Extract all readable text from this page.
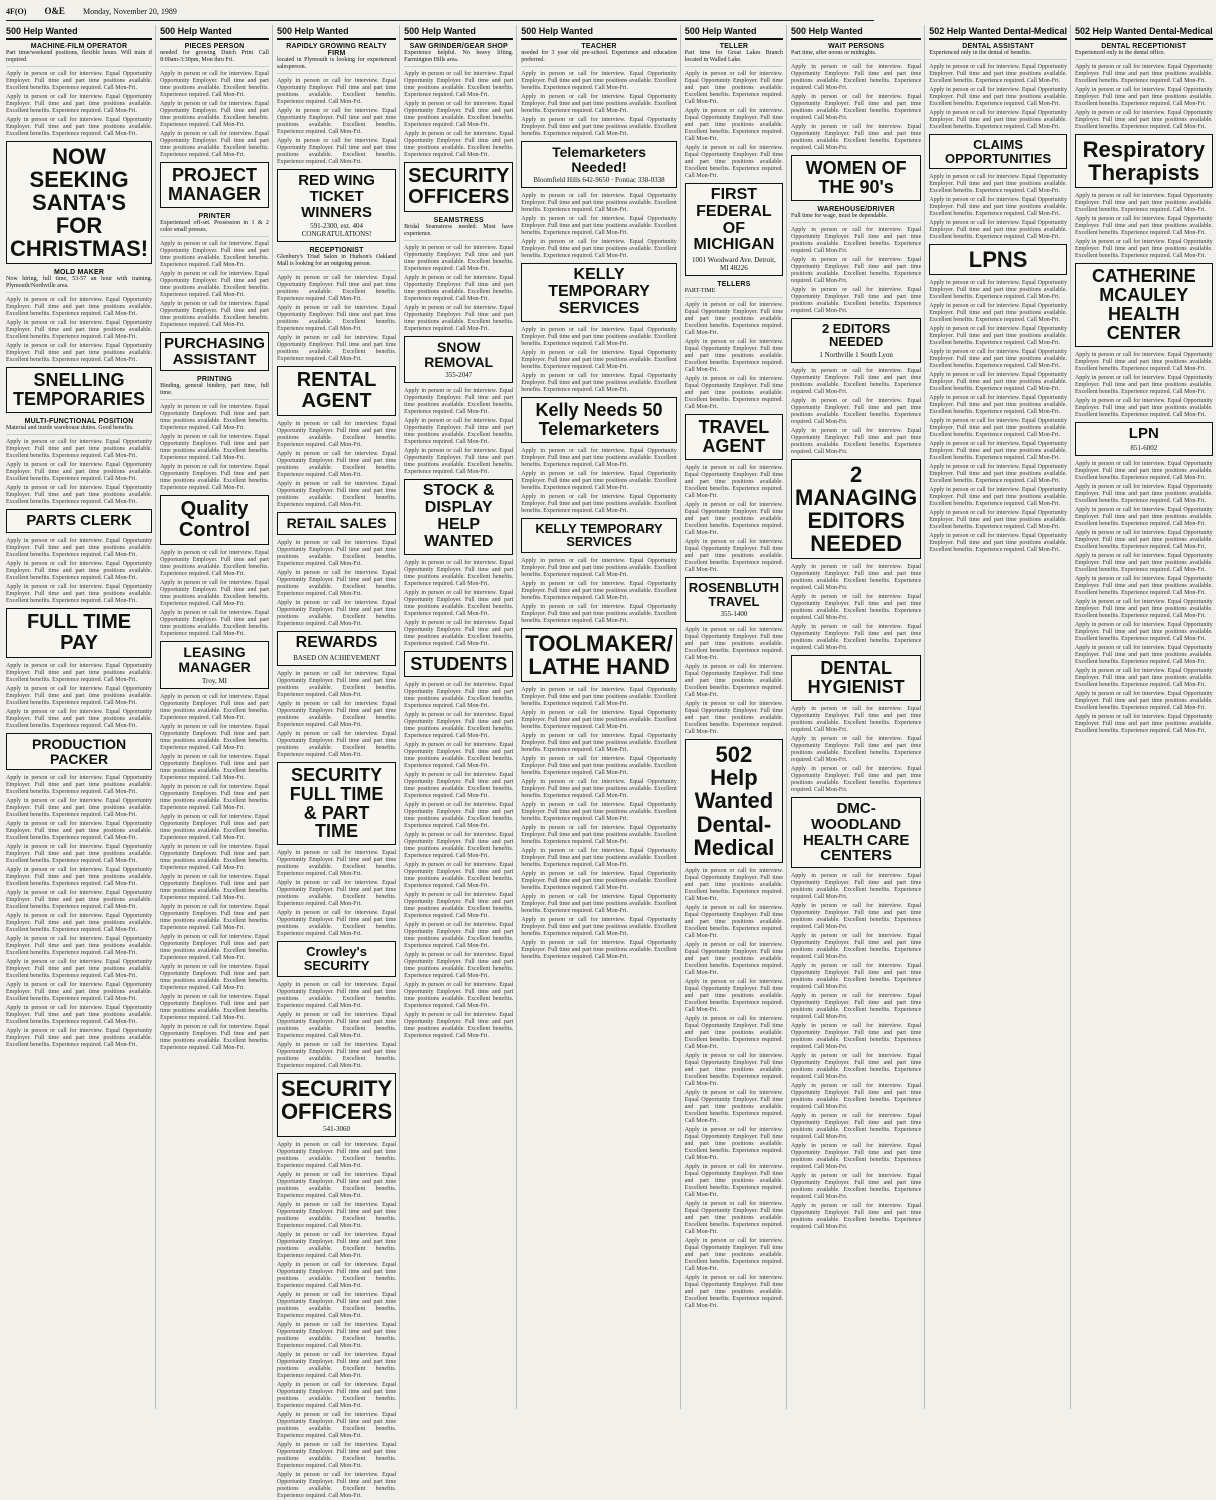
4F(O) O&E Monday, November 20, 1989
500 Help Wanted
MACHINE-FILM OPERATOR
Part time/weekend positions, flexible hours. Will train if required.
Apply in person or call for interview. Equal Opportunity Employer. Full time and part time positions available. Excellent benefits. Experience required. Call Mon-Fri.
Apply in person or call for interview. Equal Opportunity Employer. Full time and part time positions available. Excellent benefits. Experience required. Call Mon-Fri.
Apply in person or call for interview. Equal Opportunity Employer. Full time and part time positions available. Excellent benefits. Experience required. Call Mon-Fri.
NOW SEEKING SANTA'S FOR CHRISTMAS!
MOLD MAKER
Now hiring, full time, 53-57 an hour with training. Plymouth/Northville area.
Apply in person or call for interview. Equal Opportunity Employer. Full time and part time positions available. Excellent benefits. Experience required. Call Mon-Fri.
Apply in person or call for interview. Equal Opportunity Employer. Full time and part time positions available. Excellent benefits. Experience required. Call Mon-Fri.
Apply in person or call for interview. Equal Opportunity Employer. Full time and part time positions available. Excellent benefits. Experience required. Call Mon-Fri.
SNELLING TEMPORARIES
MULTI-FUNCTIONAL POSITION
Material and inside warehouse duties. Good benefits.
Apply in person or call for interview. Equal Opportunity Employer. Full time and part time positions available. Excellent benefits. Experience required. Call Mon-Fri.
Apply in person or call for interview. Equal Opportunity Employer. Full time and part time positions available. Excellent benefits. Experience required. Call Mon-Fri.
Apply in person or call for interview. Equal Opportunity Employer. Full time and part time positions available. Excellent benefits. Experience required. Call Mon-Fri.
PARTS CLERK
Apply in person or call for interview. Equal Opportunity Employer. Full time and part time positions available. Excellent benefits. Experience required. Call Mon-Fri.
Apply in person or call for interview. Equal Opportunity Employer. Full time and part time positions available. Excellent benefits. Experience required. Call Mon-Fri.
Apply in person or call for interview. Equal Opportunity Employer. Full time and part time positions available. Excellent benefits. Experience required. Call Mon-Fri.
FULL TIME PAY
Apply in person or call for interview. Equal Opportunity Employer. Full time and part time positions available. Excellent benefits. Experience required. Call Mon-Fri.
Apply in person or call for interview. Equal Opportunity Employer. Full time and part time positions available. Excellent benefits. Experience required. Call Mon-Fri.
Apply in person or call for interview. Equal Opportunity Employer. Full time and part time positions available. Excellent benefits. Experience required. Call Mon-Fri.
PRODUCTION PACKER
Apply in person or call for interview. Equal Opportunity Employer. Full time and part time positions available. Excellent benefits. Experience required. Call Mon-Fri.
Apply in person or call for interview. Equal Opportunity Employer. Full time and part time positions available. Excellent benefits. Experience required. Call Mon-Fri.
Apply in person or call for interview. Equal Opportunity Employer. Full time and part time positions available. Excellent benefits. Experience required. Call Mon-Fri.
Apply in person or call for interview. Equal Opportunity Employer. Full time and part time positions available. Excellent benefits. Experience required. Call Mon-Fri.
Apply in person or call for interview. Equal Opportunity Employer. Full time and part time positions available. Excellent benefits. Experience required. Call Mon-Fri.
Apply in person or call for interview. Equal Opportunity Employer. Full time and part time positions available. Excellent benefits. Experience required. Call Mon-Fri.
Apply in person or call for interview. Equal Opportunity Employer. Full time and part time positions available. Excellent benefits. Experience required. Call Mon-Fri.
Apply in person or call for interview. Equal Opportunity Employer. Full time and part time positions available. Excellent benefits. Experience required. Call Mon-Fri.
Apply in person or call for interview. Equal Opportunity Employer. Full time and part time positions available. Excellent benefits. Experience required. Call Mon-Fri.
Apply in person or call for interview. Equal Opportunity Employer. Full time and part time positions available. Excellent benefits. Experience required. Call Mon-Fri.
Apply in person or call for interview. Equal Opportunity Employer. Full time and part time positions available. Excellent benefits. Experience required. Call Mon-Fri.
Apply in person or call for interview. Equal Opportunity Employer. Full time and part time positions available. Excellent benefits. Experience required. Call Mon-Fri.
500 Help Wanted
PIECES PERSON
needed for growing Dutch Print Call 8:00am-3:30pm, Mon thru Fri.
Apply in person or call for interview. Equal Opportunity Employer. Full time and part time positions available. Excellent benefits. Experience required. Call Mon-Fri.
Apply in person or call for interview. Equal Opportunity Employer. Full time and part time positions available. Excellent benefits. Experience required. Call Mon-Fri.
Apply in person or call for interview. Equal Opportunity Employer. Full time and part time positions available. Excellent benefits. Experience required. Call Mon-Fri.
PROJECT MANAGER
PRINTER
Experienced off-set. Possession in 1 & 2 color small presses.
Apply in person or call for interview. Equal Opportunity Employer. Full time and part time positions available. Excellent benefits. Experience required. Call Mon-Fri.
Apply in person or call for interview. Equal Opportunity Employer. Full time and part time positions available. Excellent benefits. Experience required. Call Mon-Fri.
Apply in person or call for interview. Equal Opportunity Employer. Full time and part time positions available. Excellent benefits. Experience required. Call Mon-Fri.
PURCHASING ASSISTANT
PRINTING
Binding, general bindery, part time, full time.
Apply in person or call for interview. Equal Opportunity Employer. Full time and part time positions available. Excellent benefits. Experience required. Call Mon-Fri.
Apply in person or call for interview. Equal Opportunity Employer. Full time and part time positions available. Excellent benefits. Experience required. Call Mon-Fri.
Apply in person or call for interview. Equal Opportunity Employer. Full time and part time positions available. Excellent benefits. Experience required. Call Mon-Fri.
Quality Control
Apply in person or call for interview. Equal Opportunity Employer. Full time and part time positions available. Excellent benefits. Experience required. Call Mon-Fri.
Apply in person or call for interview. Equal Opportunity Employer. Full time and part time positions available. Excellent benefits. Experience required. Call Mon-Fri.
Apply in person or call for interview. Equal Opportunity Employer. Full time and part time positions available. Excellent benefits. Experience required. Call Mon-Fri.
LEASING MANAGER
Troy, MI
Apply in person or call for interview. Equal Opportunity Employer. Full time and part time positions available. Excellent benefits. Experience required. Call Mon-Fri.
Apply in person or call for interview. Equal Opportunity Employer. Full time and part time positions available. Excellent benefits. Experience required. Call Mon-Fri.
Apply in person or call for interview. Equal Opportunity Employer. Full time and part time positions available. Excellent benefits. Experience required. Call Mon-Fri.
Apply in person or call for interview. Equal Opportunity Employer. Full time and part time positions available. Excellent benefits. Experience required. Call Mon-Fri.
Apply in person or call for interview. Equal Opportunity Employer. Full time and part time positions available. Excellent benefits. Experience required. Call Mon-Fri.
Apply in person or call for interview. Equal Opportunity Employer. Full time and part time positions available. Excellent benefits. Experience required. Call Mon-Fri.
Apply in person or call for interview. Equal Opportunity Employer. Full time and part time positions available. Excellent benefits. Experience required. Call Mon-Fri.
Apply in person or call for interview. Equal Opportunity Employer. Full time and part time positions available. Excellent benefits. Experience required. Call Mon-Fri.
Apply in person or call for interview. Equal Opportunity Employer. Full time and part time positions available. Excellent benefits. Experience required. Call Mon-Fri.
Apply in person or call for interview. Equal Opportunity Employer. Full time and part time positions available. Excellent benefits. Experience required. Call Mon-Fri.
Apply in person or call for interview. Equal Opportunity Employer. Full time and part time positions available. Excellent benefits. Experience required. Call Mon-Fri.
Apply in person or call for interview. Equal Opportunity Employer. Full time and part time positions available. Excellent benefits. Experience required. Call Mon-Fri.
500 Help Wanted
RAPIDLY GROWING REALTY FIRM
located in Plymouth is looking for experienced salesperson.
Apply in person or call for interview. Equal Opportunity Employer. Full time and part time positions available. Excellent benefits. Experience required. Call Mon-Fri.
Apply in person or call for interview. Equal Opportunity Employer. Full time and part time positions available. Excellent benefits. Experience required. Call Mon-Fri.
Apply in person or call for interview. Equal Opportunity Employer. Full time and part time positions available. Excellent benefits. Experience required. Call Mon-Fri.
RED WING TICKET WINNERS
591-2300, ext. 404 CONGRATULATIONS!
RECEPTIONIST
Glenbury's Triad Salon in Hudson's Oakland Mall is looking for an outgoing person.
Apply in person or call for interview. Equal Opportunity Employer. Full time and part time positions available. Excellent benefits. Experience required. Call Mon-Fri.
Apply in person or call for interview. Equal Opportunity Employer. Full time and part time positions available. Excellent benefits. Experience required. Call Mon-Fri.
Apply in person or call for interview. Equal Opportunity Employer. Full time and part time positions available. Excellent benefits. Experience required. Call Mon-Fri.
RENTAL AGENT
Apply in person or call for interview. Equal Opportunity Employer. Full time and part time positions available. Excellent benefits. Experience required. Call Mon-Fri.
Apply in person or call for interview. Equal Opportunity Employer. Full time and part time positions available. Excellent benefits. Experience required. Call Mon-Fri.
Apply in person or call for interview. Equal Opportunity Employer. Full time and part time positions available. Excellent benefits. Experience required. Call Mon-Fri.
RETAIL SALES
Apply in person or call for interview. Equal Opportunity Employer. Full time and part time positions available. Excellent benefits. Experience required. Call Mon-Fri.
Apply in person or call for interview. Equal Opportunity Employer. Full time and part time positions available. Excellent benefits. Experience required. Call Mon-Fri.
Apply in person or call for interview. Equal Opportunity Employer. Full time and part time positions available. Excellent benefits. Experience required. Call Mon-Fri.
REWARDS
BASED ON ACHIEVEMENT
Apply in person or call for interview. Equal Opportunity Employer. Full time and part time positions available. Excellent benefits. Experience required. Call Mon-Fri.
Apply in person or call for interview. Equal Opportunity Employer. Full time and part time positions available. Excellent benefits. Experience required. Call Mon-Fri.
Apply in person or call for interview. Equal Opportunity Employer. Full time and part time positions available. Excellent benefits. Experience required. Call Mon-Fri.
SECURITY FULL TIME & PART TIME
Apply in person or call for interview. Equal Opportunity Employer. Full time and part time positions available. Excellent benefits. Experience required. Call Mon-Fri.
Apply in person or call for interview. Equal Opportunity Employer. Full time and part time positions available. Excellent benefits. Experience required. Call Mon-Fri.
Apply in person or call for interview. Equal Opportunity Employer. Full time and part time positions available. Excellent benefits. Experience required. Call Mon-Fri.
Crowley's SECURITY
Apply in person or call for interview. Equal Opportunity Employer. Full time and part time positions available. Excellent benefits. Experience required. Call Mon-Fri.
Apply in person or call for interview. Equal Opportunity Employer. Full time and part time positions available. Excellent benefits. Experience required. Call Mon-Fri.
Apply in person or call for interview. Equal Opportunity Employer. Full time and part time positions available. Excellent benefits. Experience required. Call Mon-Fri.
SECURITY OFFICERS
541-3060
Apply in person or call for interview. Equal Opportunity Employer. Full time and part time positions available. Excellent benefits. Experience required. Call Mon-Fri.
Apply in person or call for interview. Equal Opportunity Employer. Full time and part time positions available. Excellent benefits. Experience required. Call Mon-Fri.
Apply in person or call for interview. Equal Opportunity Employer. Full time and part time positions available. Excellent benefits. Experience required. Call Mon-Fri.
Apply in person or call for interview. Equal Opportunity Employer. Full time and part time positions available. Excellent benefits. Experience required. Call Mon-Fri.
Apply in person or call for interview. Equal Opportunity Employer. Full time and part time positions available. Excellent benefits. Experience required. Call Mon-Fri.
Apply in person or call for interview. Equal Opportunity Employer. Full time and part time positions available. Excellent benefits. Experience required. Call Mon-Fri.
Apply in person or call for interview. Equal Opportunity Employer. Full time and part time positions available. Excellent benefits. Experience required. Call Mon-Fri.
Apply in person or call for interview. Equal Opportunity Employer. Full time and part time positions available. Excellent benefits. Experience required. Call Mon-Fri.
Apply in person or call for interview. Equal Opportunity Employer. Full time and part time positions available. Excellent benefits. Experience required. Call Mon-Fri.
Apply in person or call for interview. Equal Opportunity Employer. Full time and part time positions available. Excellent benefits. Experience required. Call Mon-Fri.
Apply in person or call for interview. Equal Opportunity Employer. Full time and part time positions available. Excellent benefits. Experience required. Call Mon-Fri.
Apply in person or call for interview. Equal Opportunity Employer. Full time and part time positions available. Excellent benefits. Experience required. Call Mon-Fri.
500 Help Wanted
SAW GRINDER/GEAR SHOP
Experience helpful. No heavy lifting. Farmington Hills area.
Apply in person or call for interview. Equal Opportunity Employer. Full time and part time positions available. Excellent benefits. Experience required. Call Mon-Fri.
Apply in person or call for interview. Equal Opportunity Employer. Full time and part time positions available. Excellent benefits. Experience required. Call Mon-Fri.
Apply in person or call for interview. Equal Opportunity Employer. Full time and part time positions available. Excellent benefits. Experience required. Call Mon-Fri.
SECURITY OFFICERS
SEAMSTRESS
Bridal Seamstress needed. Must have experience.
Apply in person or call for interview. Equal Opportunity Employer. Full time and part time positions available. Excellent benefits. Experience required. Call Mon-Fri.
Apply in person or call for interview. Equal Opportunity Employer. Full time and part time positions available. Excellent benefits. Experience required. Call Mon-Fri.
Apply in person or call for interview. Equal Opportunity Employer. Full time and part time positions available. Excellent benefits. Experience required. Call Mon-Fri.
SNOW REMOVAL
355-2047
Apply in person or call for interview. Equal Opportunity Employer. Full time and part time positions available. Excellent benefits. Experience required. Call Mon-Fri.
Apply in person or call for interview. Equal Opportunity Employer. Full time and part time positions available. Excellent benefits. Experience required. Call Mon-Fri.
Apply in person or call for interview. Equal Opportunity Employer. Full time and part time positions available. Excellent benefits. Experience required. Call Mon-Fri.
STOCK & DISPLAY HELP WANTED
Apply in person or call for interview. Equal Opportunity Employer. Full time and part time positions available. Excellent benefits. Experience required. Call Mon-Fri.
Apply in person or call for interview. Equal Opportunity Employer. Full time and part time positions available. Excellent benefits. Experience required. Call Mon-Fri.
Apply in person or call for interview. Equal Opportunity Employer. Full time and part time positions available. Excellent benefits. Experience required. Call Mon-Fri.
STUDENTS
Apply in person or call for interview. Equal Opportunity Employer. Full time and part time positions available. Excellent benefits. Experience required. Call Mon-Fri.
Apply in person or call for interview. Equal Opportunity Employer. Full time and part time positions available. Excellent benefits. Experience required. Call Mon-Fri.
Apply in person or call for interview. Equal Opportunity Employer. Full time and part time positions available. Excellent benefits. Experience required. Call Mon-Fri.
Apply in person or call for interview. Equal Opportunity Employer. Full time and part time positions available. Excellent benefits. Experience required. Call Mon-Fri.
Apply in person or call for interview. Equal Opportunity Employer. Full time and part time positions available. Excellent benefits. Experience required. Call Mon-Fri.
Apply in person or call for interview. Equal Opportunity Employer. Full time and part time positions available. Excellent benefits. Experience required. Call Mon-Fri.
Apply in person or call for interview. Equal Opportunity Employer. Full time and part time positions available. Excellent benefits. Experience required. Call Mon-Fri.
Apply in person or call for interview. Equal Opportunity Employer. Full time and part time positions available. Excellent benefits. Experience required. Call Mon-Fri.
Apply in person or call for interview. Equal Opportunity Employer. Full time and part time positions available. Excellent benefits. Experience required. Call Mon-Fri.
Apply in person or call for interview. Equal Opportunity Employer. Full time and part time positions available. Excellent benefits. Experience required. Call Mon-Fri.
Apply in person or call for interview. Equal Opportunity Employer. Full time and part time positions available. Excellent benefits. Experience required. Call Mon-Fri.
Apply in person or call for interview. Equal Opportunity Employer. Full time and part time positions available. Excellent benefits. Experience required. Call Mon-Fri.
500 Help Wanted
TEACHER
needed for 3 year old pre-school. Experience and education preferred.
Apply in person or call for interview. Equal Opportunity Employer. Full time and part time positions available. Excellent benefits. Experience required. Call Mon-Fri.
Apply in person or call for interview. Equal Opportunity Employer. Full time and part time positions available. Excellent benefits. Experience required. Call Mon-Fri.
Apply in person or call for interview. Equal Opportunity Employer. Full time and part time positions available. Excellent benefits. Experience required. Call Mon-Fri.
Telemarketers Needed!
Bloomfield Hills 642-9650 · Pontiac 338-0338
Apply in person or call for interview. Equal Opportunity Employer. Full time and part time positions available. Excellent benefits. Experience required. Call Mon-Fri.
Apply in person or call for interview. Equal Opportunity Employer. Full time and part time positions available. Excellent benefits. Experience required. Call Mon-Fri.
Apply in person or call for interview. Equal Opportunity Employer. Full time and part time positions available. Excellent benefits. Experience required. Call Mon-Fri.
KELLY TEMPORARY SERVICES
Apply in person or call for interview. Equal Opportunity Employer. Full time and part time positions available. Excellent benefits. Experience required. Call Mon-Fri.
Apply in person or call for interview. Equal Opportunity Employer. Full time and part time positions available. Excellent benefits. Experience required. Call Mon-Fri.
Apply in person or call for interview. Equal Opportunity Employer. Full time and part time positions available. Excellent benefits. Experience required. Call Mon-Fri.
Kelly Needs 50 Telemarketers
Apply in person or call for interview. Equal Opportunity Employer. Full time and part time positions available. Excellent benefits. Experience required. Call Mon-Fri.
Apply in person or call for interview. Equal Opportunity Employer. Full time and part time positions available. Excellent benefits. Experience required. Call Mon-Fri.
Apply in person or call for interview. Equal Opportunity Employer. Full time and part time positions available. Excellent benefits. Experience required. Call Mon-Fri.
KELLY TEMPORARY SERVICES
Apply in person or call for interview. Equal Opportunity Employer. Full time and part time positions available. Excellent benefits. Experience required. Call Mon-Fri.
Apply in person or call for interview. Equal Opportunity Employer. Full time and part time positions available. Excellent benefits. Experience required. Call Mon-Fri.
Apply in person or call for interview. Equal Opportunity Employer. Full time and part time positions available. Excellent benefits. Experience required. Call Mon-Fri.
TOOLMAKER/ LATHE HAND
Apply in person or call for interview. Equal Opportunity Employer. Full time and part time positions available. Excellent benefits. Experience required. Call Mon-Fri.
Apply in person or call for interview. Equal Opportunity Employer. Full time and part time positions available. Excellent benefits. Experience required. Call Mon-Fri.
Apply in person or call for interview. Equal Opportunity Employer. Full time and part time positions available. Excellent benefits. Experience required. Call Mon-Fri.
Apply in person or call for interview. Equal Opportunity Employer. Full time and part time positions available. Excellent benefits. Experience required. Call Mon-Fri.
Apply in person or call for interview. Equal Opportunity Employer. Full time and part time positions available. Excellent benefits. Experience required. Call Mon-Fri.
Apply in person or call for interview. Equal Opportunity Employer. Full time and part time positions available. Excellent benefits. Experience required. Call Mon-Fri.
Apply in person or call for interview. Equal Opportunity Employer. Full time and part time positions available. Excellent benefits. Experience required. Call Mon-Fri.
Apply in person or call for interview. Equal Opportunity Employer. Full time and part time positions available. Excellent benefits. Experience required. Call Mon-Fri.
Apply in person or call for interview. Equal Opportunity Employer. Full time and part time positions available. Excellent benefits. Experience required. Call Mon-Fri.
Apply in person or call for interview. Equal Opportunity Employer. Full time and part time positions available. Excellent benefits. Experience required. Call Mon-Fri.
Apply in person or call for interview. Equal Opportunity Employer. Full time and part time positions available. Excellent benefits. Experience required. Call Mon-Fri.
Apply in person or call for interview. Equal Opportunity Employer. Full time and part time positions available. Excellent benefits. Experience required. Call Mon-Fri.
500 Help Wanted
TELLER
Part time for Great Lakes Branch located in Walled Lake.
Apply in person or call for interview. Equal Opportunity Employer. Full time and part time positions available. Excellent benefits. Experience required. Call Mon-Fri.
Apply in person or call for interview. Equal Opportunity Employer. Full time and part time positions available. Excellent benefits. Experience required. Call Mon-Fri.
Apply in person or call for interview. Equal Opportunity Employer. Full time and part time positions available. Excellent benefits. Experience required. Call Mon-Fri.
FIRST FEDERAL OF MICHIGAN
1001 Woodward Ave. Detroit, MI 48226
TELLERS
PART-TIME
Apply in person or call for interview. Equal Opportunity Employer. Full time and part time positions available. Excellent benefits. Experience required. Call Mon-Fri.
Apply in person or call for interview. Equal Opportunity Employer. Full time and part time positions available. Excellent benefits. Experience required. Call Mon-Fri.
Apply in person or call for interview. Equal Opportunity Employer. Full time and part time positions available. Excellent benefits. Experience required. Call Mon-Fri.
TRAVEL AGENT
Apply in person or call for interview. Equal Opportunity Employer. Full time and part time positions available. Excellent benefits. Experience required. Call Mon-Fri.
Apply in person or call for interview. Equal Opportunity Employer. Full time and part time positions available. Excellent benefits. Experience required. Call Mon-Fri.
Apply in person or call for interview. Equal Opportunity Employer. Full time and part time positions available. Excellent benefits. Experience required. Call Mon-Fri.
ROSENBLUTH TRAVEL
355-1400
Apply in person or call for interview. Equal Opportunity Employer. Full time and part time positions available. Excellent benefits. Experience required. Call Mon-Fri.
Apply in person or call for interview. Equal Opportunity Employer. Full time and part time positions available. Excellent benefits. Experience required. Call Mon-Fri.
Apply in person or call for interview. Equal Opportunity Employer. Full time and part time positions available. Excellent benefits. Experience required. Call Mon-Fri.
502 Help Wanted Dental-Medical
Apply in person or call for interview. Equal Opportunity Employer. Full time and part time positions available. Excellent benefits. Experience required. Call Mon-Fri.
Apply in person or call for interview. Equal Opportunity Employer. Full time and part time positions available. Excellent benefits. Experience required. Call Mon-Fri.
Apply in person or call for interview. Equal Opportunity Employer. Full time and part time positions available. Excellent benefits. Experience required. Call Mon-Fri.
Apply in person or call for interview. Equal Opportunity Employer. Full time and part time positions available. Excellent benefits. Experience required. Call Mon-Fri.
Apply in person or call for interview. Equal Opportunity Employer. Full time and part time positions available. Excellent benefits. Experience required. Call Mon-Fri.
Apply in person or call for interview. Equal Opportunity Employer. Full time and part time positions available. Excellent benefits. Experience required. Call Mon-Fri.
Apply in person or call for interview. Equal Opportunity Employer. Full time and part time positions available. Excellent benefits. Experience required. Call Mon-Fri.
Apply in person or call for interview. Equal Opportunity Employer. Full time and part time positions available. Excellent benefits. Experience required. Call Mon-Fri.
Apply in person or call for interview. Equal Opportunity Employer. Full time and part time positions available. Excellent benefits. Experience required. Call Mon-Fri.
Apply in person or call for interview. Equal Opportunity Employer. Full time and part time positions available. Excellent benefits. Experience required. Call Mon-Fri.
Apply in person or call for interview. Equal Opportunity Employer. Full time and part time positions available. Excellent benefits. Experience required. Call Mon-Fri.
Apply in person or call for interview. Equal Opportunity Employer. Full time and part time positions available. Excellent benefits. Experience required. Call Mon-Fri.
500 Help Wanted
WAIT PERSONS
Part time, after noons or midnights.
Apply in person or call for interview. Equal Opportunity Employer. Full time and part time positions available. Excellent benefits. Experience required. Call Mon-Fri.
Apply in person or call for interview. Equal Opportunity Employer. Full time and part time positions available. Excellent benefits. Experience required. Call Mon-Fri.
Apply in person or call for interview. Equal Opportunity Employer. Full time and part time positions available. Excellent benefits. Experience required. Call Mon-Fri.
WOMEN OF THE 90's
WAREHOUSE/DRIVER
Full time for wage, must be dependable.
Apply in person or call for interview. Equal Opportunity Employer. Full time and part time positions available. Excellent benefits. Experience required. Call Mon-Fri.
Apply in person or call for interview. Equal Opportunity Employer. Full time and part time positions available. Excellent benefits. Experience required. Call Mon-Fri.
Apply in person or call for interview. Equal Opportunity Employer. Full time and part time positions available. Excellent benefits. Experience required. Call Mon-Fri.
2 EDITORS NEEDED
1 Northville 1 South Lyon
Apply in person or call for interview. Equal Opportunity Employer. Full time and part time positions available. Excellent benefits. Experience required. Call Mon-Fri.
Apply in person or call for interview. Equal Opportunity Employer. Full time and part time positions available. Excellent benefits. Experience required. Call Mon-Fri.
Apply in person or call for interview. Equal Opportunity Employer. Full time and part time positions available. Excellent benefits. Experience required. Call Mon-Fri.
2 MANAGING EDITORS NEEDED
Apply in person or call for interview. Equal Opportunity Employer. Full time and part time positions available. Excellent benefits. Experience required. Call Mon-Fri.
Apply in person or call for interview. Equal Opportunity Employer. Full time and part time positions available. Excellent benefits. Experience required. Call Mon-Fri.
Apply in person or call for interview. Equal Opportunity Employer. Full time and part time positions available. Excellent benefits. Experience required. Call Mon-Fri.
DENTAL HYGIENIST
Apply in person or call for interview. Equal Opportunity Employer. Full time and part time positions available. Excellent benefits. Experience required. Call Mon-Fri.
Apply in person or call for interview. Equal Opportunity Employer. Full time and part time positions available. Excellent benefits. Experience required. Call Mon-Fri.
Apply in person or call for interview. Equal Opportunity Employer. Full time and part time positions available. Excellent benefits. Experience required. Call Mon-Fri.
DMC-WOODLAND HEALTH CARE CENTERS
Apply in person or call for interview. Equal Opportunity Employer. Full time and part time positions available. Excellent benefits. Experience required. Call Mon-Fri.
Apply in person or call for interview. Equal Opportunity Employer. Full time and part time positions available. Excellent benefits. Experience required. Call Mon-Fri.
Apply in person or call for interview. Equal Opportunity Employer. Full time and part time positions available. Excellent benefits. Experience required. Call Mon-Fri.
Apply in person or call for interview. Equal Opportunity Employer. Full time and part time positions available. Excellent benefits. Experience required. Call Mon-Fri.
Apply in person or call for interview. Equal Opportunity Employer. Full time and part time positions available. Excellent benefits. Experience required. Call Mon-Fri.
Apply in person or call for interview. Equal Opportunity Employer. Full time and part time positions available. Excellent benefits. Experience required. Call Mon-Fri.
Apply in person or call for interview. Equal Opportunity Employer. Full time and part time positions available. Excellent benefits. Experience required. Call Mon-Fri.
Apply in person or call for interview. Equal Opportunity Employer. Full time and part time positions available. Excellent benefits. Experience required. Call Mon-Fri.
Apply in person or call for interview. Equal Opportunity Employer. Full time and part time positions available. Excellent benefits. Experience required. Call Mon-Fri.
Apply in person or call for interview. Equal Opportunity Employer. Full time and part time positions available. Excellent benefits. Experience required. Call Mon-Fri.
Apply in person or call for interview. Equal Opportunity Employer. Full time and part time positions available. Excellent benefits. Experience required. Call Mon-Fri.
Apply in person or call for interview. Equal Opportunity Employer. Full time and part time positions available. Excellent benefits. Experience required. Call Mon-Fri.
502 Help Wanted Dental-Medical
DENTAL ASSISTANT
Experienced only in the dental of benefits.
Apply in person or call for interview. Equal Opportunity Employer. Full time and part time positions available. Excellent benefits. Experience required. Call Mon-Fri.
Apply in person or call for interview. Equal Opportunity Employer. Full time and part time positions available. Excellent benefits. Experience required. Call Mon-Fri.
Apply in person or call for interview. Equal Opportunity Employer. Full time and part time positions available. Excellent benefits. Experience required. Call Mon-Fri.
CLAIMS OPPORTUNITIES
Apply in person or call for interview. Equal Opportunity Employer. Full time and part time positions available. Excellent benefits. Experience required. Call Mon-Fri.
Apply in person or call for interview. Equal Opportunity Employer. Full time and part time positions available. Excellent benefits. Experience required. Call Mon-Fri.
Apply in person or call for interview. Equal Opportunity Employer. Full time and part time positions available. Excellent benefits. Experience required. Call Mon-Fri.
LPNS
Apply in person or call for interview. Equal Opportunity Employer. Full time and part time positions available. Excellent benefits. Experience required. Call Mon-Fri.
Apply in person or call for interview. Equal Opportunity Employer. Full time and part time positions available. Excellent benefits. Experience required. Call Mon-Fri.
Apply in person or call for interview. Equal Opportunity Employer. Full time and part time positions available. Excellent benefits. Experience required. Call Mon-Fri.
Apply in person or call for interview. Equal Opportunity Employer. Full time and part time positions available. Excellent benefits. Experience required. Call Mon-Fri.
Apply in person or call for interview. Equal Opportunity Employer. Full time and part time positions available. Excellent benefits. Experience required. Call Mon-Fri.
Apply in person or call for interview. Equal Opportunity Employer. Full time and part time positions available. Excellent benefits. Experience required. Call Mon-Fri.
Apply in person or call for interview. Equal Opportunity Employer. Full time and part time positions available. Excellent benefits. Experience required. Call Mon-Fri.
Apply in person or call for interview. Equal Opportunity Employer. Full time and part time positions available. Excellent benefits. Experience required. Call Mon-Fri.
Apply in person or call for interview. Equal Opportunity Employer. Full time and part time positions available. Excellent benefits. Experience required. Call Mon-Fri.
Apply in person or call for interview. Equal Opportunity Employer. Full time and part time positions available. Excellent benefits. Experience required. Call Mon-Fri.
Apply in person or call for interview. Equal Opportunity Employer. Full time and part time positions available. Excellent benefits. Experience required. Call Mon-Fri.
Apply in person or call for interview. Equal Opportunity Employer. Full time and part time positions available. Excellent benefits. Experience required. Call Mon-Fri.
502 Help Wanted Dental-Medical
DENTAL RECEPTIONIST
Experienced only in the dental office.
Apply in person or call for interview. Equal Opportunity Employer. Full time and part time positions available. Excellent benefits. Experience required. Call Mon-Fri.
Apply in person or call for interview. Equal Opportunity Employer. Full time and part time positions available. Excellent benefits. Experience required. Call Mon-Fri.
Apply in person or call for interview. Equal Opportunity Employer. Full time and part time positions available. Excellent benefits. Experience required. Call Mon-Fri.
Respiratory Therapists
Apply in person or call for interview. Equal Opportunity Employer. Full time and part time positions available. Excellent benefits. Experience required. Call Mon-Fri.
Apply in person or call for interview. Equal Opportunity Employer. Full time and part time positions available. Excellent benefits. Experience required. Call Mon-Fri.
Apply in person or call for interview. Equal Opportunity Employer. Full time and part time positions available. Excellent benefits. Experience required. Call Mon-Fri.
CATHERINE MCAULEY HEALTH CENTER
Apply in person or call for interview. Equal Opportunity Employer. Full time and part time positions available. Excellent benefits. Experience required. Call Mon-Fri.
Apply in person or call for interview. Equal Opportunity Employer. Full time and part time positions available. Excellent benefits. Experience required. Call Mon-Fri.
Apply in person or call for interview. Equal Opportunity Employer. Full time and part time positions available. Excellent benefits. Experience required. Call Mon-Fri.
LPN
851-6002
Apply in person or call for interview. Equal Opportunity Employer. Full time and part time positions available. Excellent benefits. Experience required. Call Mon-Fri.
Apply in person or call for interview. Equal Opportunity Employer. Full time and part time positions available. Excellent benefits. Experience required. Call Mon-Fri.
Apply in person or call for interview. Equal Opportunity Employer. Full time and part time positions available. Excellent benefits. Experience required. Call Mon-Fri.
Apply in person or call for interview. Equal Opportunity Employer. Full time and part time positions available. Excellent benefits. Experience required. Call Mon-Fri.
Apply in person or call for interview. Equal Opportunity Employer. Full time and part time positions available. Excellent benefits. Experience required. Call Mon-Fri.
Apply in person or call for interview. Equal Opportunity Employer. Full time and part time positions available. Excellent benefits. Experience required. Call Mon-Fri.
Apply in person or call for interview. Equal Opportunity Employer. Full time and part time positions available. Excellent benefits. Experience required. Call Mon-Fri.
Apply in person or call for interview. Equal Opportunity Employer. Full time and part time positions available. Excellent benefits. Experience required. Call Mon-Fri.
Apply in person or call for interview. Equal Opportunity Employer. Full time and part time positions available. Excellent benefits. Experience required. Call Mon-Fri.
Apply in person or call for interview. Equal Opportunity Employer. Full time and part time positions available. Excellent benefits. Experience required. Call Mon-Fri.
Apply in person or call for interview. Equal Opportunity Employer. Full time and part time positions available. Excellent benefits. Experience required. Call Mon-Fri.
Apply in person or call for interview. Equal Opportunity Employer. Full time and part time positions available. Excellent benefits. Experience required. Call Mon-Fri.
